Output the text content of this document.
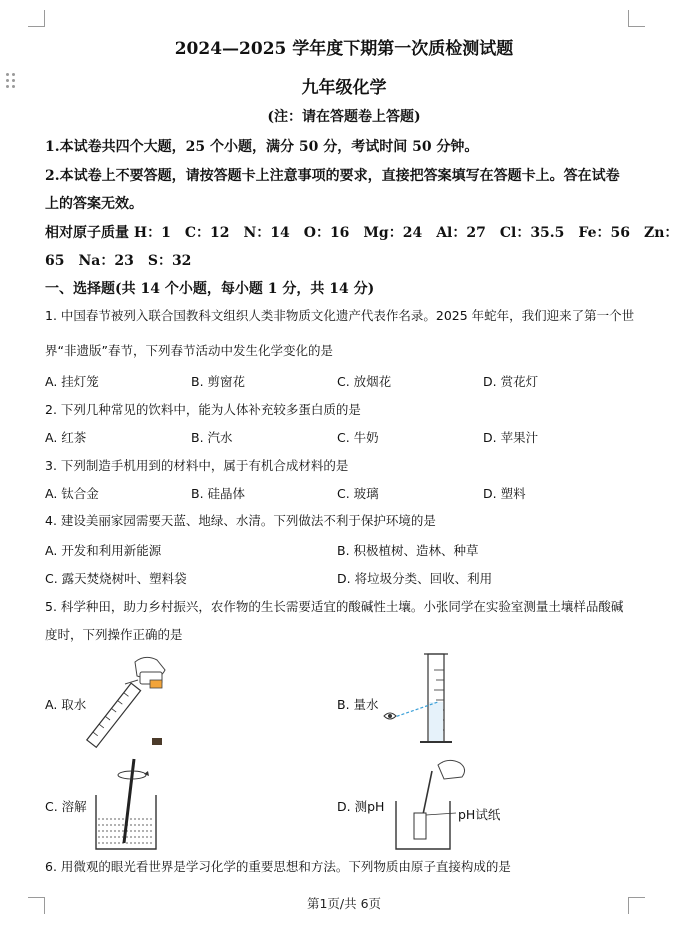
2024—2025 学年度下期第一次质检测试题
九年级化学
(注：请在答题卷上答题)
1.本试卷共四个大题，25 个小题，满分 50 分，考试时间 50 分钟。
2.本试卷上不要答题，请按答题卡上注意事项的要求，直接把答案填写在答题卡上。答在试卷
上的答案无效。
相对原子质量 H：1　C：12　N：14　O：16　Mg：24　Al：27　Cl：35.5　Fe：56　Zn：
65　Na：23　S：32
一、选择题(共 14 个小题，每小题 1 分，共 14 分)
1. 中国春节被列入联合国教科文组织人类非物质文化遗产代表作名录。2025 年蛇年，我们迎来了第一个世
界“非遗版”春节，下列春节活动中发生化学变化的是
A. 挂灯笼	B. 剪窗花	C. 放烟花	D. 赏花灯
2. 下列几种常见的饮料中，能为人体补充较多蛋白质的是
A. 红茶	B. 汽水	C. 牛奶	D. 苹果汁
3. 下列制造手机用到的材料中，属于有机合成材料的是
A. 钛合金	B. 硅晶体	C. 玻璃	D. 塑料
4. 建设美丽家园需要天蓝、地绿、水清。下列做法不利于保护环境的是
A. 开发和利用新能源	B. 积极植树、造林、种草
C. 露天焚烧树叶、塑料袋	D. 将垃圾分类、回收、利用
5. 科学种田，助力乡村振兴，农作物的生长需要适宜的酸碱性土壤。小张同学在实验室测量土壤样品酸碱
度时，下列操作正确的是
A. 取水	B. 量水
C. 溶解	D. 测pH
pH试纸
6. 用微观的眼光看世界是学习化学的重要思想和方法。下列物质由原子直接构成的是
第1页/共 6页
